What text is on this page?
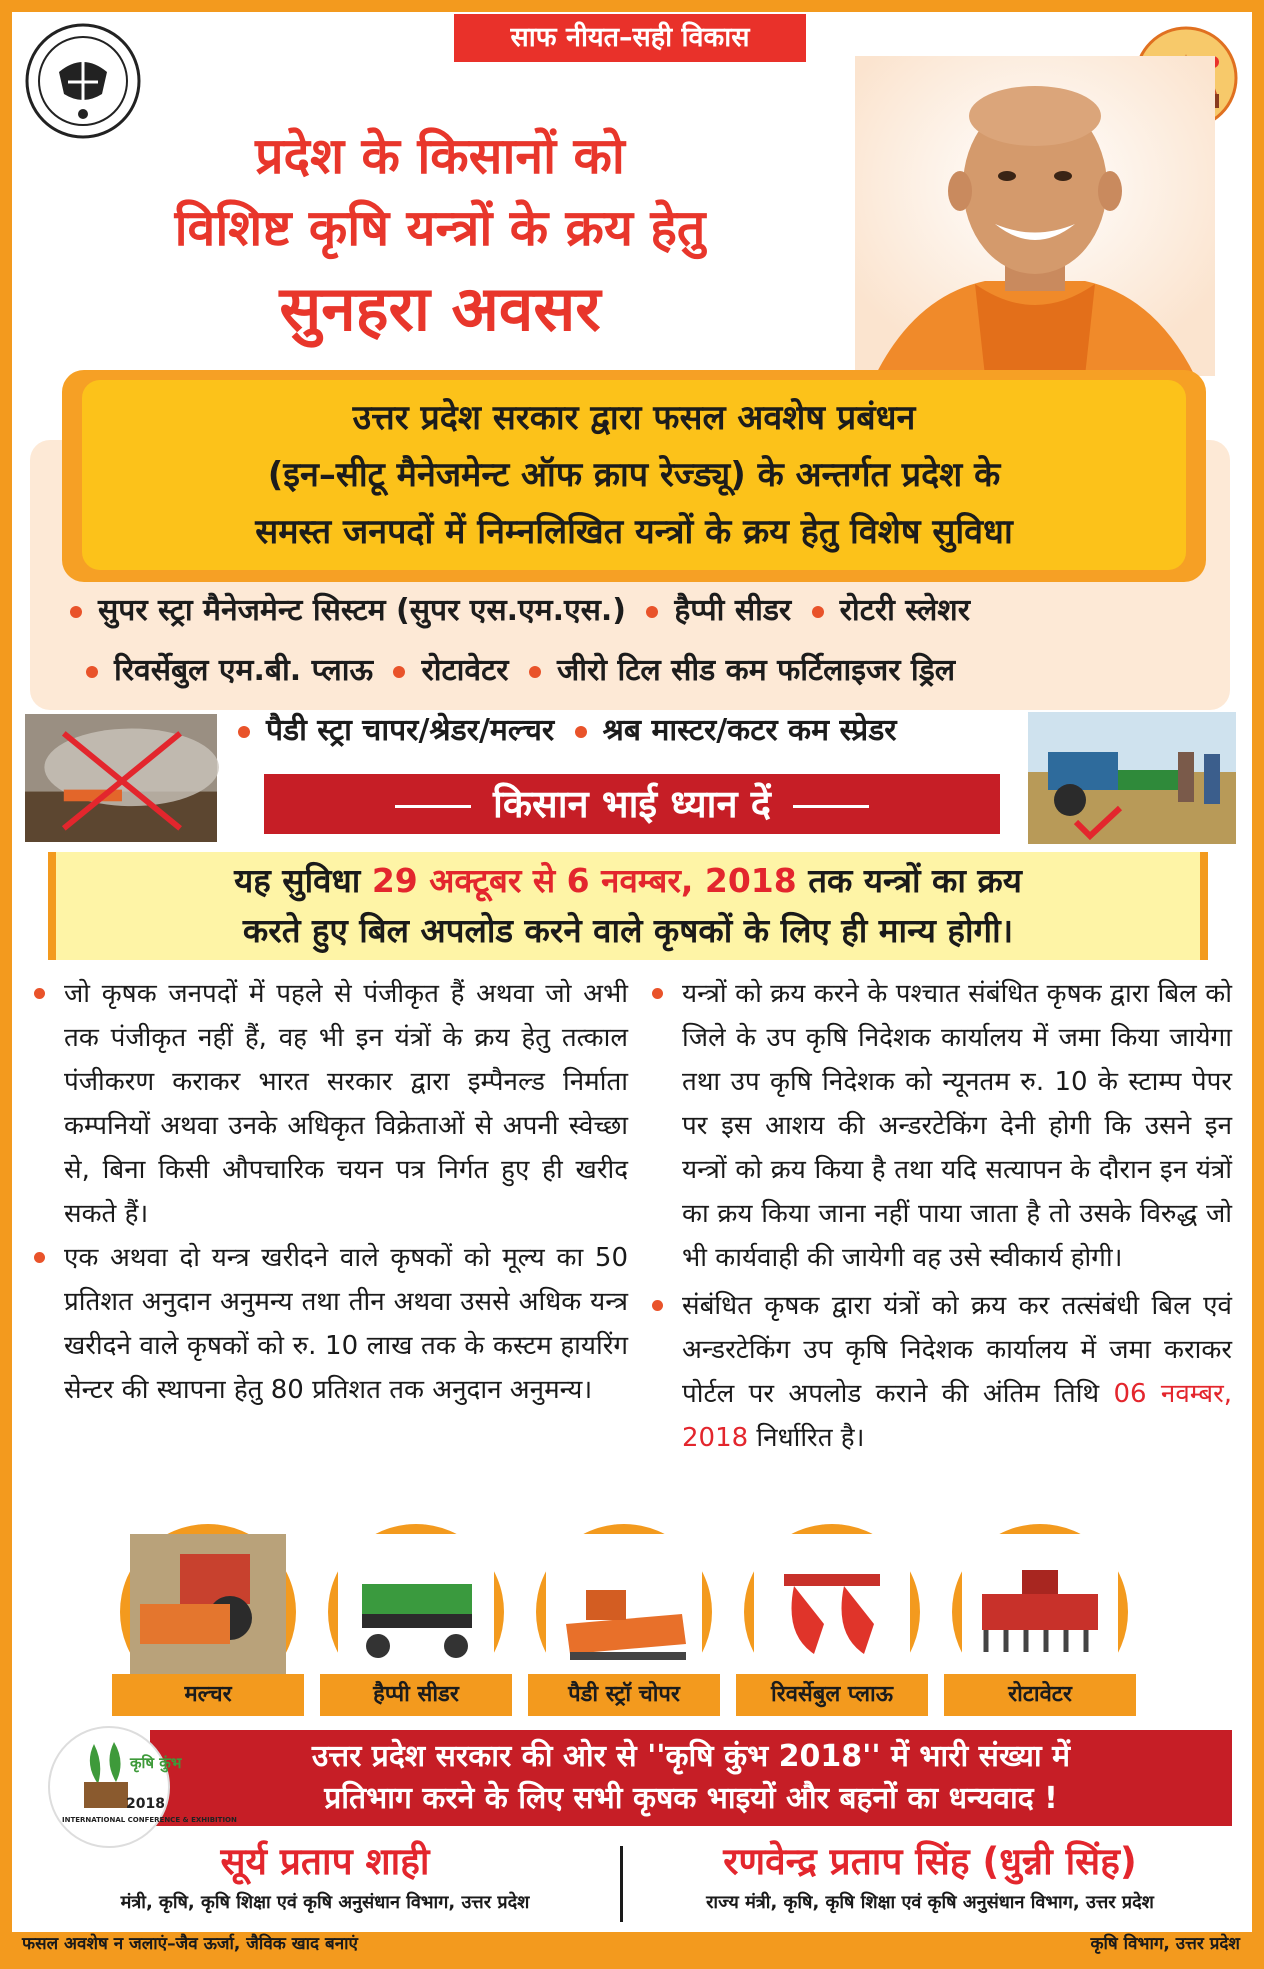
साफ नीयत–सही विकास
प्रदेश के किसानों को
विशिष्ट कृषि यन्त्रों के क्रय हेतु
सुनहरा अवसर
उत्तर प्रदेश सरकार द्वारा फसल अवशेष प्रबंधन
(इन–सीटू मैनेजमेन्ट ऑफ क्राप रेज्ड्यू) के अन्तर्गत प्रदेश के
समस्त जनपदों में निम्नलिखित यन्त्रों के क्रय हेतु विशेष सुविधा
सुपर स्ट्रा मैनेजमेन्ट सिस्टम (सुपर एस.एम.एस.) हैप्पी सीडर रोटरी स्लेशर
रिवर्सेबुल एम.बी. प्लाऊ रोटावेटर जीरो टिल सीड कम फर्टिलाइजर ड्रिल
पैडी स्ट्रा चापर/श्रेडर/मल्चर श्रब मास्टर/कटर कम स्प्रेडर
किसान भाई ध्यान दें
यह सुविधा 29 अक्टूबर से 6 नवम्बर, 2018 तक यन्त्रों का क्रय
करते हुए बिल अपलोड करने वाले कृषकों के लिए ही मान्य होगी।

जो कृषक जनपदों में पहले से पंजीकृत हैं अथवा जो अभी तक पंजीकृत नहीं हैं, वह भी इन यंत्रों के क्रय हेतु तत्काल पंजीकरण कराकर भारत सरकार द्वारा इम्पैनल्ड निर्माता कम्पनियों अथवा उनके अधिकृत विक्रेताओं से अपनी स्वेच्छा से, बिना किसी औपचारिक चयन पत्र निर्गत हुए ही खरीद सकते हैं।

एक अथवा दो यन्त्र खरीदने वाले कृषकों को मूल्य का 50 प्रतिशत अनुदान अनुमन्य तथा तीन अथवा उससे अधिक यन्त्र खरीदने वाले कृषकों को रु. 10 लाख तक के कस्टम हायरिंग सेन्टर की स्थापना हेतु 80 प्रतिशत तक अनुदान अनुमन्य।

यन्त्रों को क्रय करने के पश्चात संबंधित कृषक द्वारा बिल को जिले के उप कृषि निदेशक कार्यालय में जमा किया जायेगा तथा उप कृषि निदेशक को न्यूनतम रु. 10 के स्टाम्प पेपर पर इस आशय की अन्डरटेकिंग देनी होगी कि उसने इन यन्त्रों को क्रय किया है तथा यदि सत्यापन के दौरान इन यंत्रों का क्रय किया जाना नहीं पाया जाता है तो उसके विरुद्ध जो भी कार्यवाही की जायेगी वह उसे स्वीकार्य होगी।

संबंधित कृषक द्वारा यंत्रों को क्रय कर तत्संबंधी बिल एवं अन्डरटेकिंग उप कृषि निदेशक कार्यालय में जमा कराकर पोर्टल पर अपलोड कराने की अंतिम तिथि 06 नवम्बर, 2018 निर्धारित है।

मल्चर	हैप्पी सीडर	पैडी स्ट्रॉ चोपर	रिवर्सेबुल प्लाऊ	रोटावेटर
उत्तर प्रदेश सरकार की ओर से ''कृषि कुंभ 2018'' में भारी संख्या में
प्रतिभाग करने के लिए सभी कृषक भाइयों और बहनों का धन्यवाद !
कृषि कुंभ
INTERNATIONAL CONFERENCE & EXHIBITION
2018
सूर्य प्रताप शाही
मंत्री, कृषि, कृषि शिक्षा एवं कृषि अनुसंधान विभाग, उत्तर प्रदेश
रणवेन्द्र प्रताप सिंह (धुन्नी सिंह)
राज्य मंत्री, कृषि, कृषि शिक्षा एवं कृषि अनुसंधान विभाग, उत्तर प्रदेश
फसल अवशेष न जलाएं–जैव ऊर्जा, जैविक खाद बनाएं	कृषि विभाग, उत्तर प्रदेश
